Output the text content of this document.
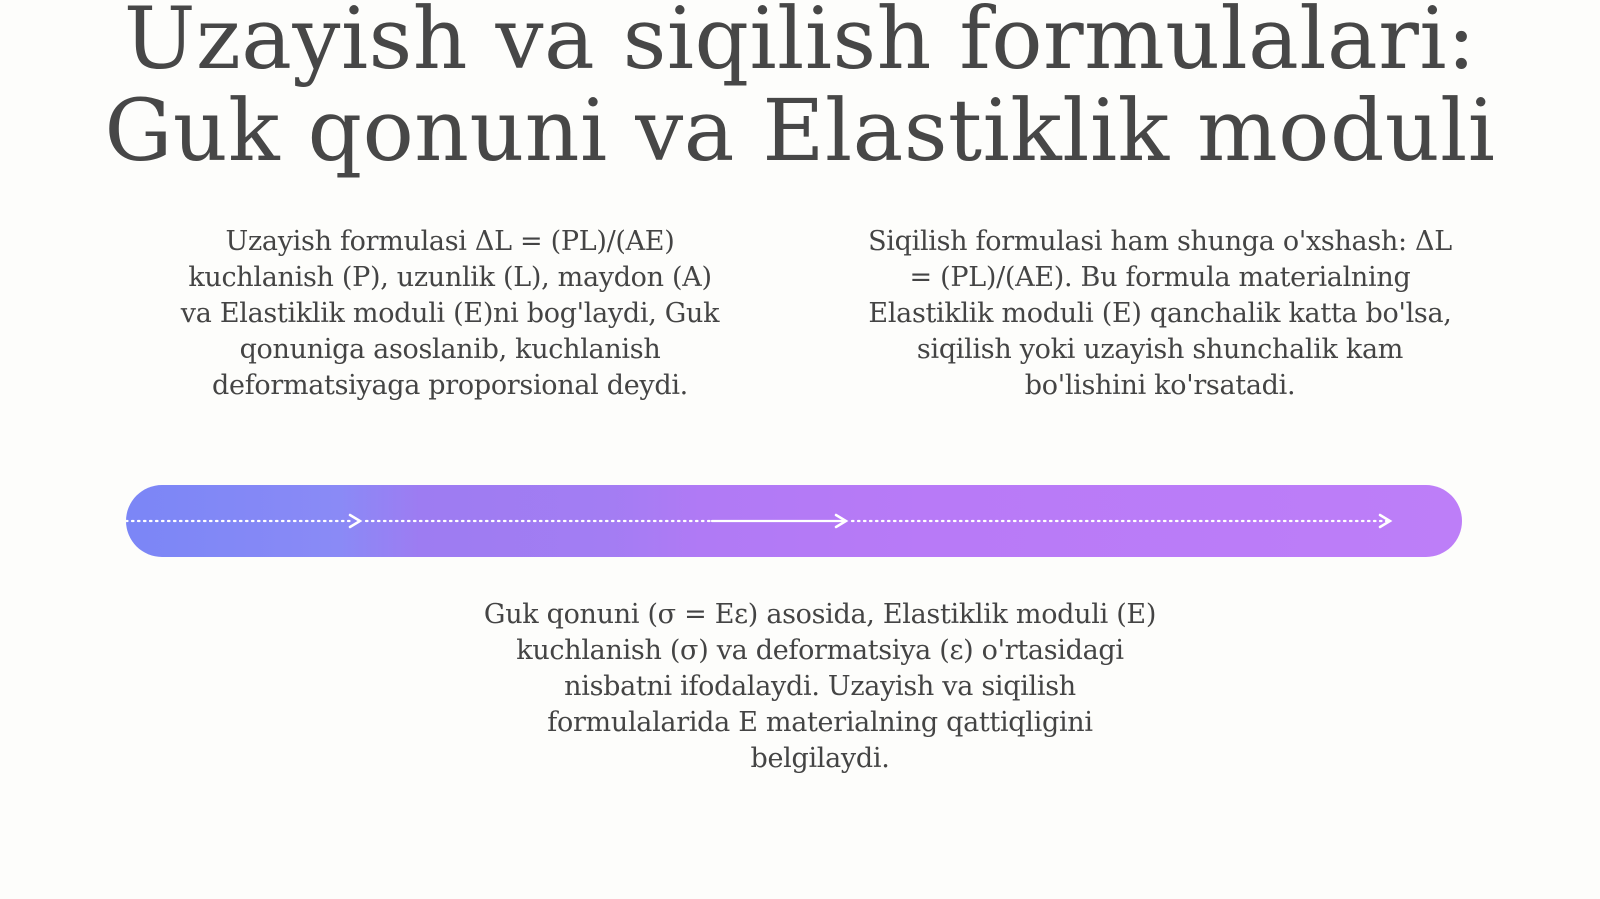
Uzayish va siqilish formulalari:
Guk qonuni va Elastiklik moduli
Uzayish formulasi ΔL = (PL)/(AE)
kuchlanish (P), uzunlik (L), maydon (A)
va Elastiklik moduli (E)ni bog'laydi, Guk
qonuniga asoslanib, kuchlanish
deformatsiyaga proporsional deydi.
Siqilish formulasi ham shunga o'xshash: ΔL
= (PL)/(AE). Bu formula materialning
Elastiklik moduli (E) qanchalik katta bo'lsa,
siqilish yoki uzayish shunchalik kam
bo'lishini ko'rsatadi.
Guk qonuni (σ = Eε) asosida, Elastiklik moduli (E)
kuchlanish (σ) va deformatsiya (ε) o'rtasidagi
nisbatni ifodalaydi. Uzayish va siqilish
formulalarida E materialning qattiqligini
belgilaydi.
